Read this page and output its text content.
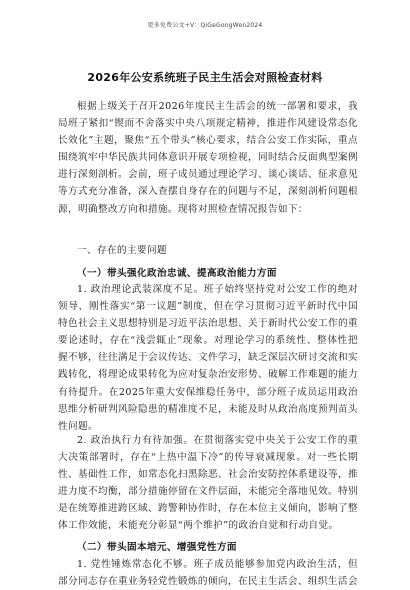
更多免费公文+V：QiGeGongWen2024
2026年公安系统班子民主生活会对照检查材料

根据上级关于召开2026年度民主生活会的统一部署和要求，我局班子紧扣“锲而不舍落实中央八项规定精神，推进作风建设常态化长效化”主题，聚焦“五个带头”核心要求，结合公安工作实际，重点围绕筑牢中华民族共同体意识开展专项检视，同时结合反面典型案例进行深刻剖析。会前，班子成员通过理论学习、谈心谈话、征求意见等方式充分准备，深入查摆自身存在的问题与不足，深刻剖析问题根源，明确整改方向和措施。现将对照检查情况报告如下：

一、存在的主要问题

（一）带头强化政治忠诚、提高政治能力方面

1. 政治理论武装深度不足。班子始终坚持党对公安工作的绝对领导，刚性落实“第一议题”制度，但在学习贯彻习近平新时代中国特色社会主义思想特别是习近平法治思想、关于新时代公安工作的重要论述时，存在“浅尝辄止”现象。对理论学习的系统性、整体性把握不够，往往满足于会议传达、文件学习，缺乏深层次研讨交流和实践转化，将理论成果转化为应对复杂治安形势、破解工作难题的能力有待提升。在2025年重大安保维稳任务中，部分班子成员运用政治思维分析研判风险隐患的精准度不足，未能及时从政治高度预判苗头性问题。

2. 政治执行力有待加强。在贯彻落实党中央关于公安工作的重大决策部署时，存在“上热中温下冷”的传导衰减现象。对一些长期性、基础性工作，如常态化扫黑除恶、社会治安防控体系建设等，推进力度不均衡，部分措施停留在文件层面，未能完全落地见效。特别是在统筹推进跨区域、跨警种协作时，存在本位主义倾向，影响了整体工作效能，未能充分彰显“两个维护”的政治自觉和行动自觉。

（二）带头固本培元、增强党性方面

1. 党性锤炼常态化不够。班子成员能够参加党内政治生活，但部分同志存在重业务轻党性锻炼的倾向，在民主生活会、组织生活会
